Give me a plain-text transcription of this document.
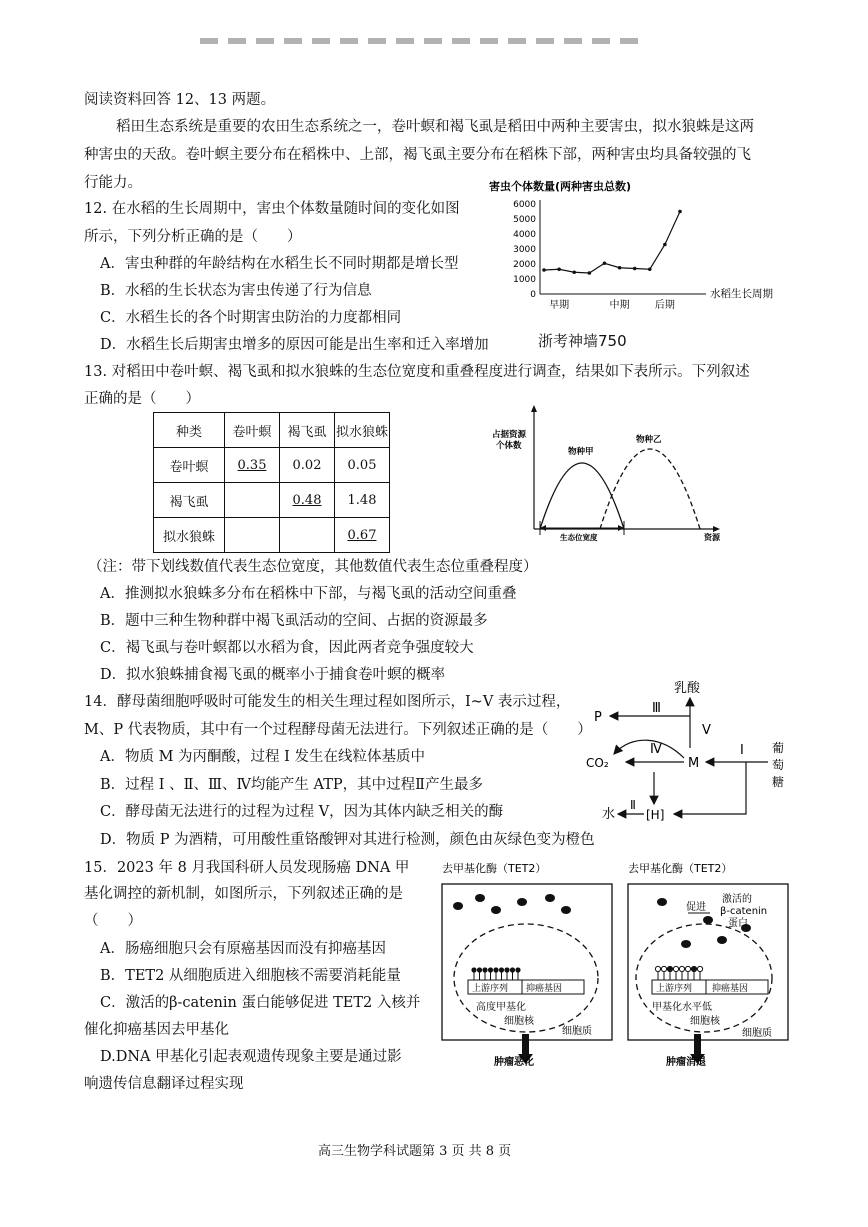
阅读资料回答 12、13 两题。
稻田生态系统是重要的农田生态系统之一，卷叶螟和褐飞虱是稻田中两种主要害虫，拟水狼蛛是这两
种害虫的天敌。卷叶螟主要分布在稻株中、上部，褐飞虱主要分布在稻株下部，两种害虫均具备较强的飞
行能力。
12. 在水稻的生长周期中，害虫个体数量随时间的变化如图
所示，下列分析正确的是（　　）
A．害虫种群的年龄结构在水稻生长不同时期都是增长型
B．水稻的生长状态为害虫传递了行为信息
C．水稻生长的各个时期害虫防治的力度都相同
D．水稻生长后期害虫增多的原因可能是出生率和迁入率增加	浙考神墙750
害虫个体数量(两种害虫总数)
0
1000
2000
3000
4000
5000
6000
早期	中期	后期
水稻生长周期
13. 对稻田中卷叶螟、褐飞虱和拟水狼蛛的生态位宽度和重叠程度进行调查，结果如下表所示。下列叙述
正确的是（　　）
种类	卷叶螟	褐飞虱	拟水狼蛛
卷叶螟	0.35	0.02	0.05
褐飞虱		0.48	1.48
拟水狼蛛			0.67
占据资源
个体数
物种甲
物种乙
生态位宽度	资源
（注：带下划线数值代表生态位宽度，其他数值代表生态位重叠程度）
A．推测拟水狼蛛多分布在稻株中下部，与褐飞虱的活动空间重叠
B．题中三种生物种群中褐飞虱活动的空间、占据的资源最多
C．褐飞虱与卷叶螟都以水稻为食，因此两者竞争强度较大
D．拟水狼蛛捕食褐飞虱的概率小于捕食卷叶螟的概率
14．酵母菌细胞呼吸时可能发生的相关生理过程如图所示，I~V 表示过程，
M、P 代表物质，其中有一个过程酵母菌无法进行。下列叙述正确的是（　　）
A．物质 M 为丙酮酸，过程 I 发生在线粒体基质中
B．过程 I 、Ⅱ、Ⅲ、Ⅳ均能产生 ATP，其中过程Ⅱ产生最多
C．酵母菌无法进行的过程为过程 V，因为其体内缺乏相关的酶
D．物质 P 为酒精，可用酸性重铬酸钾对其进行检测，颜色由灰绿色变为橙色
乳酸
P
Ⅲ
V
Ⅳ	Ⅰ
CO₂	M
葡
萄
糖
水
Ⅱ
[H]
15．2023 年 8 月我国科研人员发现肠癌 DNA 甲
基化调控的新机制，如图所示，下列叙述正确的是
（　　）
A．肠癌细胞只会有原癌基因而没有抑癌基因
B．TET2 从细胞质进入细胞核不需要消耗能量
C．激活的β-catenin 蛋白能够促进 TET2 入核并
催化抑癌基因去甲基化
D.DNA 甲基化引起表观遗传现象主要是通过影
响遗传信息翻译过程实现
去甲基化酶（TET2）
上游序列 抑癌基因
高度甲基化
细胞核
细胞质
肿瘤恶化
去甲基化酶（TET2）
促进
激活的
β-catenin
蛋白
上游序列 抑癌基因
甲基化水平低
细胞核
细胞质
肿瘤消退
高三生物学科试题第 3 页 共 8 页
